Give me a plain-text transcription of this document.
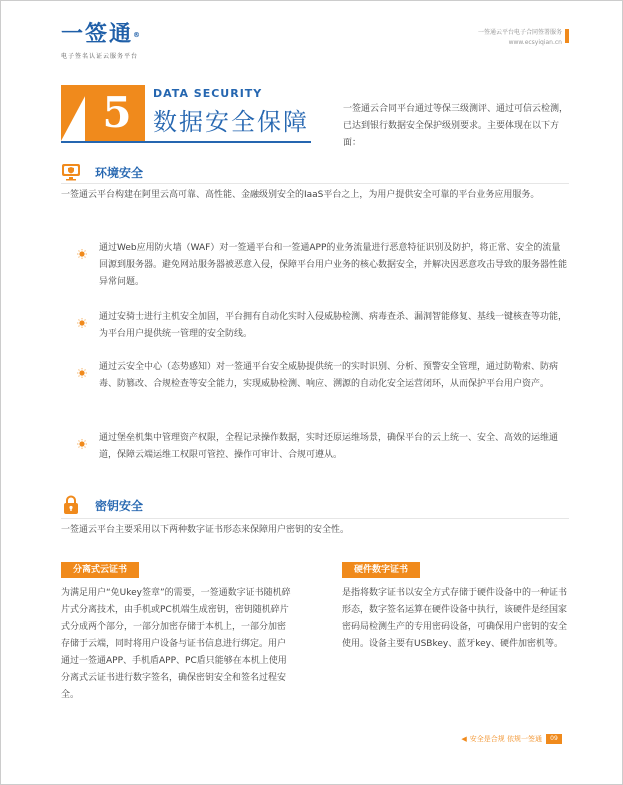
一签通®
电子签名认证云服务平台
一签通云平台电子合同签署服务
www.ecsyiqian.cn
5	DATA SECURITY
数据安全保障	一签通云合同平台通过等保三级测评、通过可信云检测，已达到银行数据安全保护级别要求。主要体现在以下方面：
环境安全
一签通云平台构建在阿里云高可靠、高性能、金融级别安全的IaaS平台之上，为用户提供安全可靠的平台业务应用服务。
通过Web应用防火墙（WAF）对一签通平台和一签通APP的业务流量进行恶意特征识别及防护，将正常、安全的流量回源到服务器。避免网站服务器被恶意入侵，保障平台用户业务的核心数据安全，并解决因恶意攻击导致的服务器性能异常问题。
通过安骑士进行主机安全加固，平台拥有自动化实时入侵威胁检测、病毒查杀、漏洞智能修复、基线一键核查等功能，为平台用户提供统一管理的安全防线。
通过云安全中心（态势感知）对一签通平台安全威胁提供统一的实时识别、分析、预警安全管理，通过防勒索、防病毒、防篡改、合规检查等安全能力，实现威胁检测、响应、溯源的自动化安全运营闭环，从而保护平台用户资产。
通过堡垒机集中管理资产权限，全程记录操作数据，实时还原运维场景，确保平台的云上统一、安全、高效的运维通道，保障云端运维工权限可管控、操作可审计、合规可遵从。
密钥安全
一签通云平台主要采用以下两种数字证书形态来保障用户密钥的安全性。
分离式云证书
为满足用户“免Ukey签章”的需要，一签通数字证书随机碎片式分离技术，由手机或PC机端生成密钥，密钥随机碎片式分成两个部分，一部分加密存储于本机上，一部分加密存储于云端，同时将用户设备与证书信息进行绑定。用户通过一签通APP、手机盾APP、PC盾只能够在本机上使用分离式云证书进行数字签名，确保密钥安全和签名过程安全。
硬件数字证书
是指将数字证书以安全方式存储于硬件设备中的一种证书形态，数字签名运算在硬件设备中执行，该硬件是经国家密码局检测生产的专用密码设备，可确保用户密钥的安全使用。设备主要有USBkey、蓝牙key、硬件加密机等。
◀ 安全是合规 依规一签通	09
